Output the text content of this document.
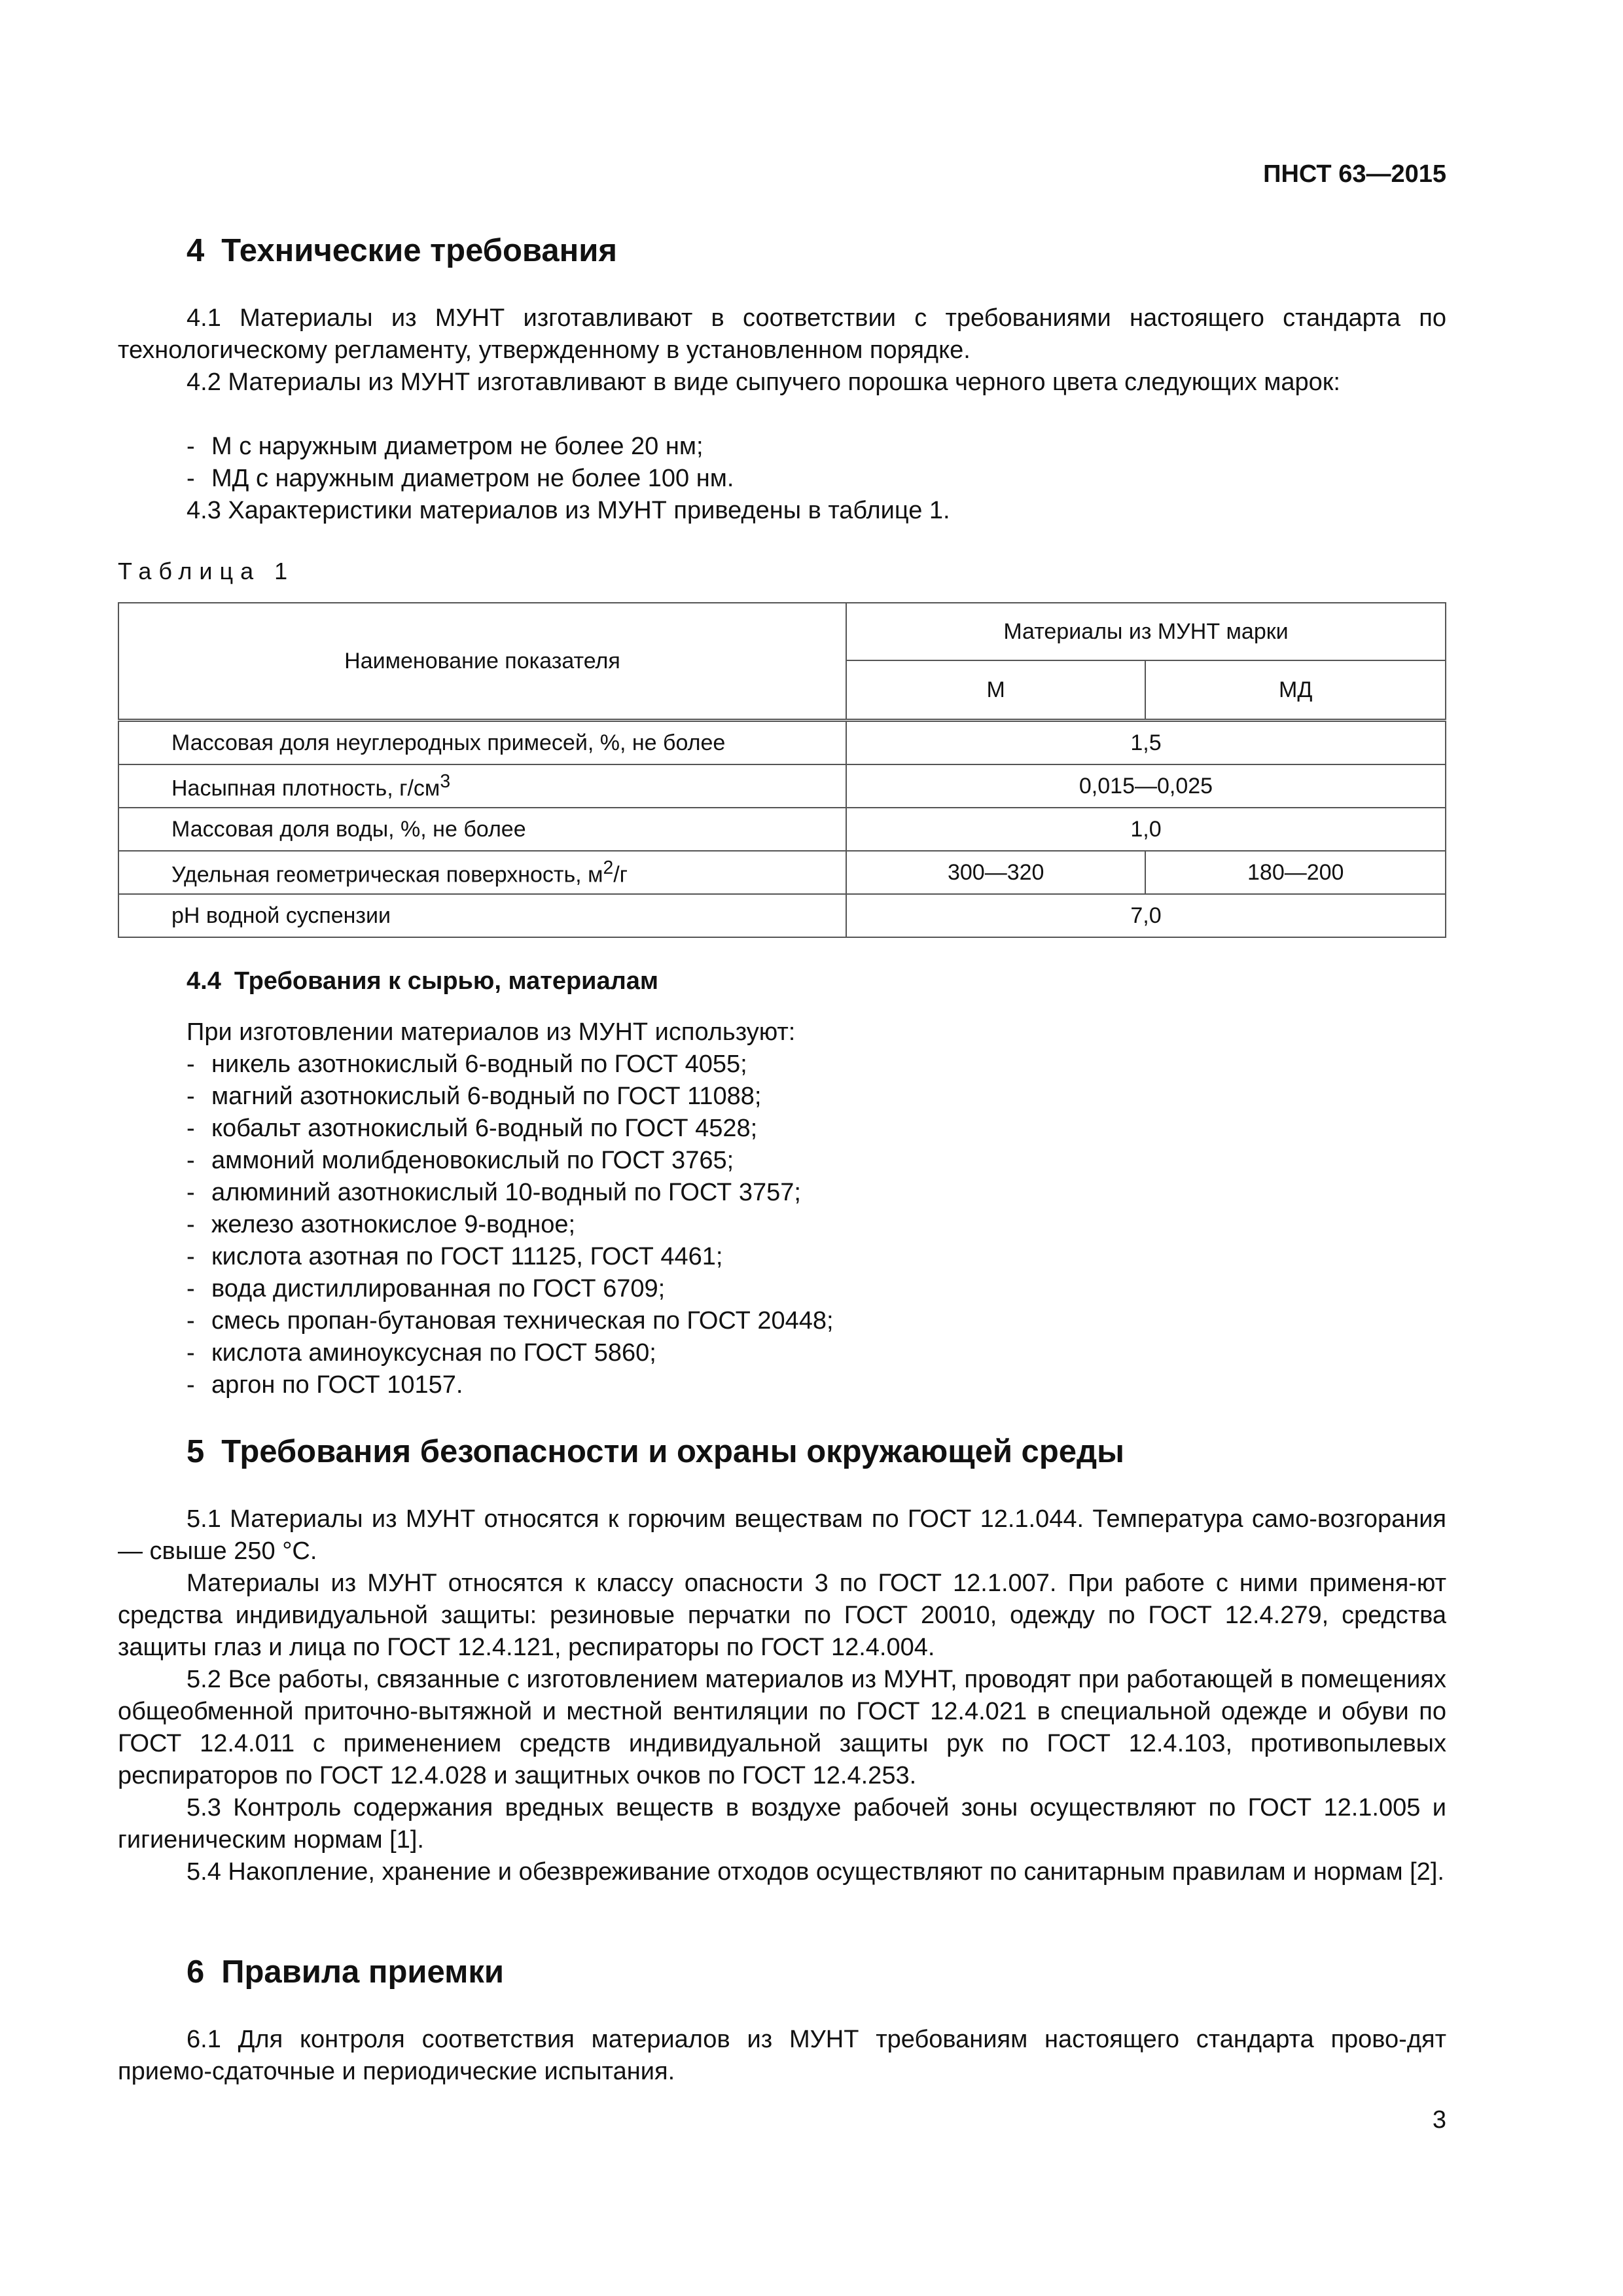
ПНСТ 63—2015
4 Технические требования

4.1 Материалы из МУНТ изготавливают в соответствии с требованиями настоящего стандарта по технологическому регламенту, утвержденному в установленном порядке.

4.2 Материалы из МУНТ изготавливают в виде сыпучего порошка черного цвета следующих марок:

- М с наружным диаметром не более 20 нм;
- МД с наружным диаметром не более 100 нм.

4.3 Характеристики материалов из МУНТ приведены в таблице 1.

Таблица 1

Наименование показателя	Материалы из МУНТ марки	
	М	МД
Массовая доля неуглеродных примесей, %, не более	1,5	
Насыпная плотность, $г/см^3$	0,015—0,025	
Массовая доля воды, %, не более	1,0	
Удельная геометрическая поверхность, $м^2/г$	300—320	180—200
pH водной суспензии	7,0	
4.4 Требования к сырью, материалам

При изготовлении материалов из МУНТ используют:

- никель азотнокислый 6-водный по ГОСТ 4055;
- магний азотнокислый 6-водный по ГОСТ 11088;
- кобальт азотнокислый 6-водный по ГОСТ 4528;
- аммоний молибденовокислый по ГОСТ 3765;
- алюминий азотнокислый 10-водный по ГОСТ 3757;
- железо азотнокислое 9-водное;
- кислота азотная по ГОСТ 11125, ГОСТ 4461;
- вода дистиллированная по ГОСТ 6709;
- смесь пропан-бутановая техническая по ГОСТ 20448;
- кислота аминоуксусная по ГОСТ 5860;
- аргон по ГОСТ 10157.
5 Требования безопасности и охраны окружающей среды

5.1 Материалы из МУНТ относятся к горючим веществам по ГОСТ 12.1.044. Температура само-возгорания — свыше 250 °С.

Материалы из МУНТ относятся к классу опасности 3 по ГОСТ 12.1.007. При работе с ними применя-ют средства индивидуальной защиты: резиновые перчатки по ГОСТ 20010, одежду по ГОСТ 12.4.279, средства защиты глаз и лица по ГОСТ 12.4.121, респираторы по ГОСТ 12.4.004.

5.2 Все работы, связанные с изготовлением материалов из МУНТ, проводят при работающей в помещениях общеобменной приточно-вытяжной и местной вентиляции по ГОСТ 12.4.021 в специальной одежде и обуви по ГОСТ 12.4.011 с применением средств индивидуальной защиты рук по ГОСТ 12.4.103, противопылевых респираторов по ГОСТ 12.4.028 и защитных очков по ГОСТ 12.4.253.

5.3 Контроль содержания вредных веществ в воздухе рабочей зоны осуществляют по ГОСТ 12.1.005 и гигиеническим нормам [1].

5.4 Накопление, хранение и обезвреживание отходов осуществляют по санитарным правилам и нормам [2].

6 Правила приемки

6.1 Для контроля соответствия материалов из МУНТ требованиям настоящего стандарта прово-дят приемо-сдаточные и периодические испытания.

3
